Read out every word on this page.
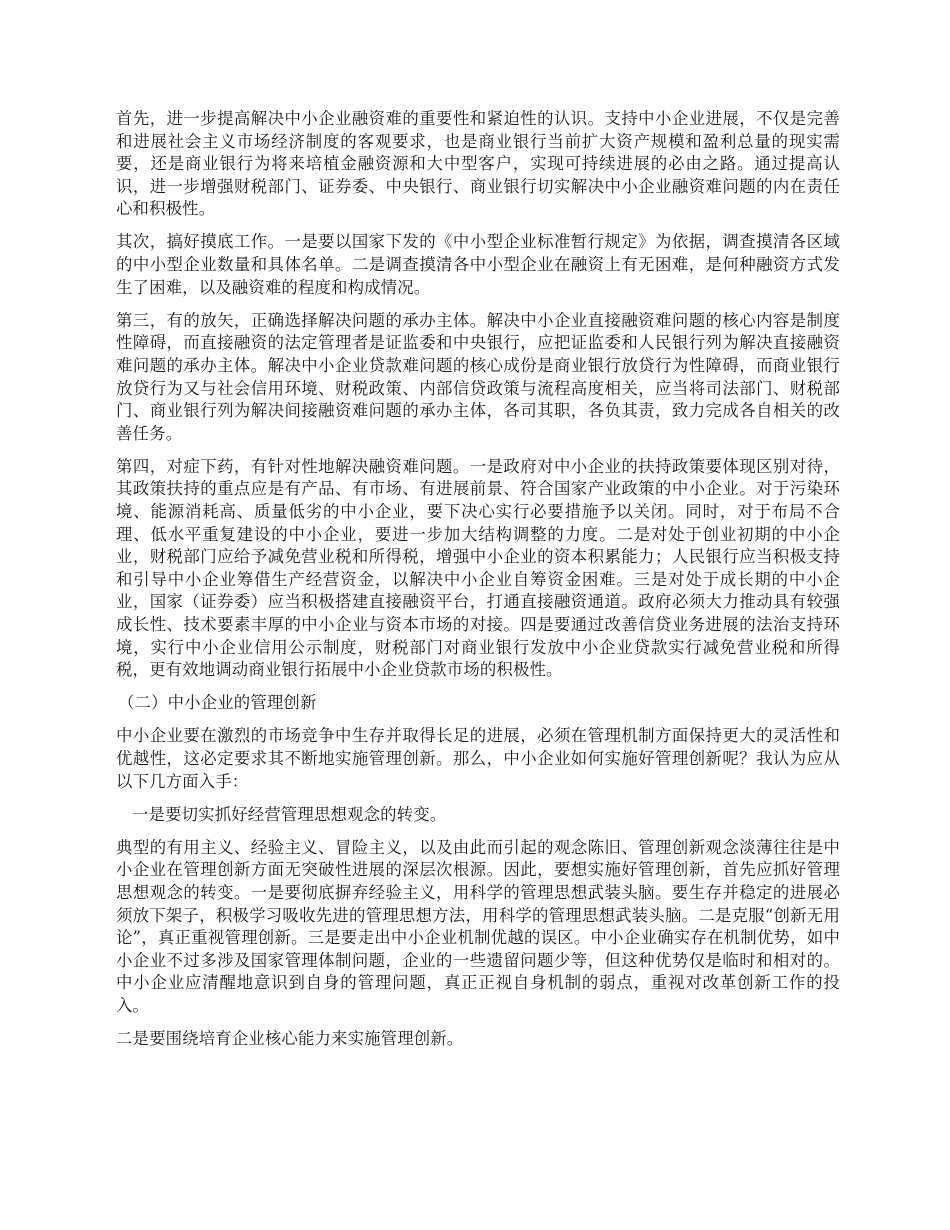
首先，进一步提高解决中小企业融资难的重要性和紧迫性的认识。支持中小企业进展，不仅是完善和进展社会主义市场经济制度的客观要求，也是商业银行当前扩大资产规模和盈利总量的现实需要，还是商业银行为将来培植金融资源和大中型客户，实现可持续进展的必由之路。通过提高认识，进一步增强财税部门、证券委、中央银行、商业银行切实解决中小企业融资难问题的内在责任心和积极性。

其次，搞好摸底工作。一是要以国家下发的《中小型企业标准暂行规定》为依据，调查摸清各区域的中小型企业数量和具体名单。二是调查摸清各中小型企业在融资上有无困难，是何种融资方式发生了困难，以及融资难的程度和构成情况。

第三，有的放矢，正确选择解决问题的承办主体。解决中小企业直接融资难问题的核心内容是制度性障碍，而直接融资的法定管理者是证监委和中央银行，应把证监委和人民银行列为解决直接融资难问题的承办主体。解决中小企业贷款难问题的核心成份是商业银行放贷行为性障碍，而商业银行放贷行为又与社会信用环境、财税政策、内部信贷政策与流程高度相关，应当将司法部门、财税部门、商业银行列为解决间接融资难问题的承办主体，各司其职，各负其责，致力完成各自相关的改善任务。

第四，对症下药，有针对性地解决融资难问题。一是政府对中小企业的扶持政策要体现区别对待，其政策扶持的重点应是有产品、有市场、有进展前景、符合国家产业政策的中小企业。对于污染环境、能源消耗高、质量低劣的中小企业，要下决心实行必要措施予以关闭。同时，对于布局不合理、低水平重复建设的中小企业，要进一步加大结构调整的力度。二是对处于创业初期的中小企业，财税部门应给予减免营业税和所得税，增强中小企业的资本积累能力；人民银行应当积极支持和引导中小企业筹借生产经营资金，以解决中小企业自筹资金困难。三是对处于成长期的中小企业，国家（证券委）应当积极搭建直接融资平台，打通直接融资通道。政府必须大力推动具有较强成长性、技术要素丰厚的中小企业与资本市场的对接。四是要通过改善信贷业务进展的法治支持环境，实行中小企业信用公示制度，财税部门对商业银行发放中小企业贷款实行减免营业税和所得税，更有效地调动商业银行拓展中小企业贷款市场的积极性。

（二）中小企业的管理创新

中小企业要在激烈的市场竞争中生存并取得长足的进展，必须在管理机制方面保持更大的灵活性和优越性，这必定要求其不断地实施管理创新。那么，中小企业如何实施好管理创新呢？我认为应从以下几方面入手：

一是要切实抓好经营管理思想观念的转变。

典型的有用主义、经验主义、冒险主义，以及由此而引起的观念陈旧、管理创新观念淡薄往往是中小企业在管理创新方面无突破性进展的深层次根源。因此，要想实施好管理创新，首先应抓好管理思想观念的转变。一是要彻底摒弃经验主义，用科学的管理思想武装头脑。要生存并稳定的进展必须放下架子，积极学习吸收先进的管理思想方法，用科学的管理思想武装头脑。二是克服“创新无用论”，真正重视管理创新。三是要走出中小企业机制优越的误区。中小企业确实存在机制优势，如中小企业不过多涉及国家管理体制问题，企业的一些遗留问题少等，但这种优势仅是临时和相对的。中小企业应清醒地意识到自身的管理问题，真正正视自身机制的弱点，重视对改革创新工作的投入。

二是要围绕培育企业核心能力来实施管理创新。
